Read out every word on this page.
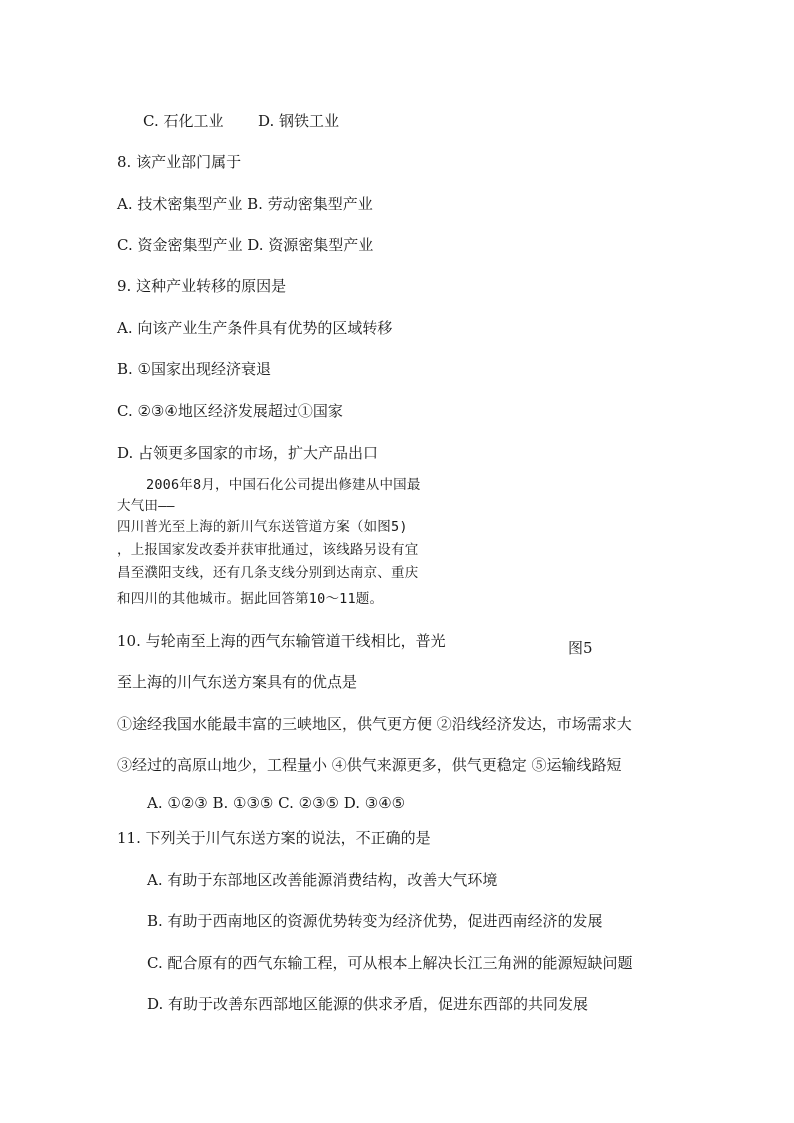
C. 石化工业 D. 钢铁工业
8. 该产业部门属于
A. 技术密集型产业 B. 劳动密集型产业
C. 资金密集型产业 D. 资源密集型产业
9. 这种产业转移的原因是
A. 向该产业生产条件具有优势的区域转移
B. ①国家出现经济衰退
C. ②③④地区经济发展超过①国家
D. 占领更多国家的市场，扩大产品出口
2006年8月，中国石化公司提出修建从中国最
大气田——
四川普光至上海的新川气东送管道方案（如图5)
，上报国家发改委并获审批通过，该线路另设有宜
昌至濮阳支线，还有几条支线分别到达南京、重庆
和四川的其他城市。据此回答第10～11题。
图5
10. 与轮南至上海的西气东输管道干线相比，普光
至上海的川气东送方案具有的优点是
①途经我国水能最丰富的三峡地区，供气更方便 ②沿线经济发达，市场需求大
③经过的高原山地少，工程量小 ④供气来源更多，供气更稳定 ⑤运输线路短
A. ①②③ B. ①③⑤ C. ②③⑤ D. ③④⑤
11. 下列关于川气东送方案的说法，不正确的是
A. 有助于东部地区改善能源消费结构，改善大气环境
B. 有助于西南地区的资源优势转变为经济优势，促进西南经济的发展
C. 配合原有的西气东输工程，可从根本上解决长江三角洲的能源短缺问题
D. 有助于改善东西部地区能源的供求矛盾，促进东西部的共同发展
